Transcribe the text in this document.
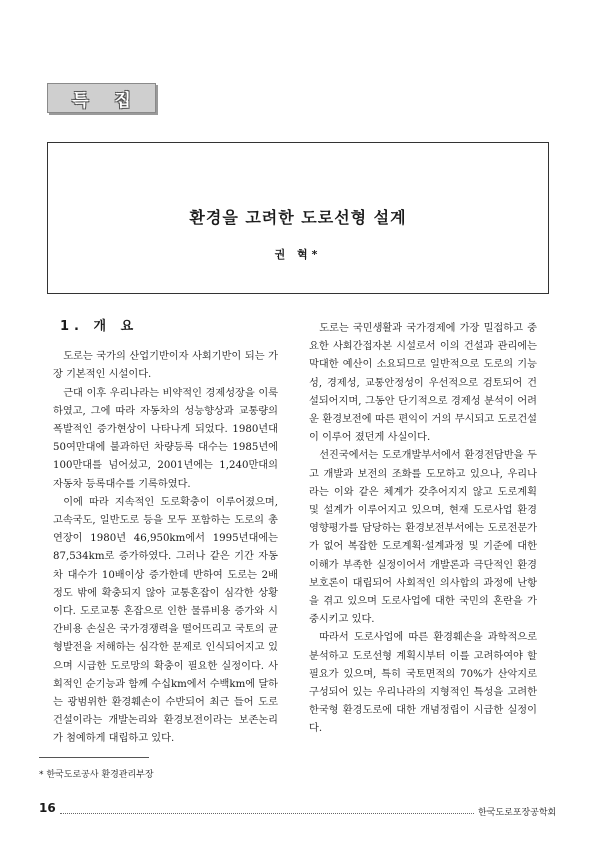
특 집
환경을 고려한 도로선형 설계
권 혁*
1. 개 요

도로는 국가의 산업기반이자 사회기반이 되는 가장 기본적인 시설이다.

근대 이후 우리나라는 비약적인 경제성장을 이룩하였고, 그에 따라 자동차의 성능향상과 교통량의 폭발적인 증가현상이 나타나게 되었다. 1980년대 50여만대에 불과하던 차량등록 대수는 1985년에 100만대를 넘어섰고, 2001년에는 1,240만대의 자동차 등록대수를 기록하였다.

이에 따라 지속적인 도로확충이 이루어졌으며, 고속국도, 일반도로 등을 모두 포함하는 도로의 총 연장이 1980년 46,950km에서 1995년대에는 87,534km로 증가하였다. 그러나 같은 기간 자동차 대수가 10배이상 증가한데 반하여 도로는 2배정도 밖에 확충되지 않아 교통혼잡이 심각한 상황이다. 도로교통 혼잡으로 인한 물류비용 증가와 시간비용 손실은 국가경쟁력을 떨어뜨리고 국토의 균형발전을 저해하는 심각한 문제로 인식되어지고 있으며 시급한 도로망의 확충이 필요한 실정이다. 사회적인 순기능과 함께 수십km에서 수백km에 달하는 광범위한 환경훼손이 수반되어 최근 들어 도로건설이라는 개발논리와 환경보전이라는 보존논리가 첨예하게 대립하고 있다.

도로는 국민생활과 국가경제에 가장 밀접하고 중요한 사회간접자본 시설로서 이의 건설과 관리에는 막대한 예산이 소요되므로 일반적으로 도로의 기능성, 경제성, 교통안정성이 우선적으로 검토되어 건설되어지며, 그동안 단기적으로 경제성 분석이 어려운 환경보전에 따른 편익이 거의 무시되고 도로건설이 이루어 졌던게 사실이다.

선진국에서는 도로개발부서에서 환경전담반을 두고 개발과 보전의 조화를 도모하고 있으나, 우리나라는 이와 같은 체계가 갖추어지지 않고 도로계획 및 설계가 이루어지고 있으며, 현재 도로사업 환경영향평가를 담당하는 환경보전부서에는 도로전문가가 없어 복잡한 도로계획·설계과정 및 기준에 대한 이해가 부족한 실정이어서 개발론과 극단적인 환경보호론이 대립되어 사회적인 의사합의 과정에 난항을 겪고 있으며 도로사업에 대한 국민의 혼란을 가중시키고 있다.

따라서 도로사업에 따른 환경훼손을 과학적으로 분석하고 도로선형 계획시부터 이를 고려하여야 할 필요가 있으며, 특히 국토면적의 70%가 산악지로 구성되어 있는 우리나라의 지형적인 특성을 고려한 한국형 환경도로에 대한 개념정립이 시급한 실정이다.

* 한국도로공사 환경관리부장
16	한국도로포장공학회
